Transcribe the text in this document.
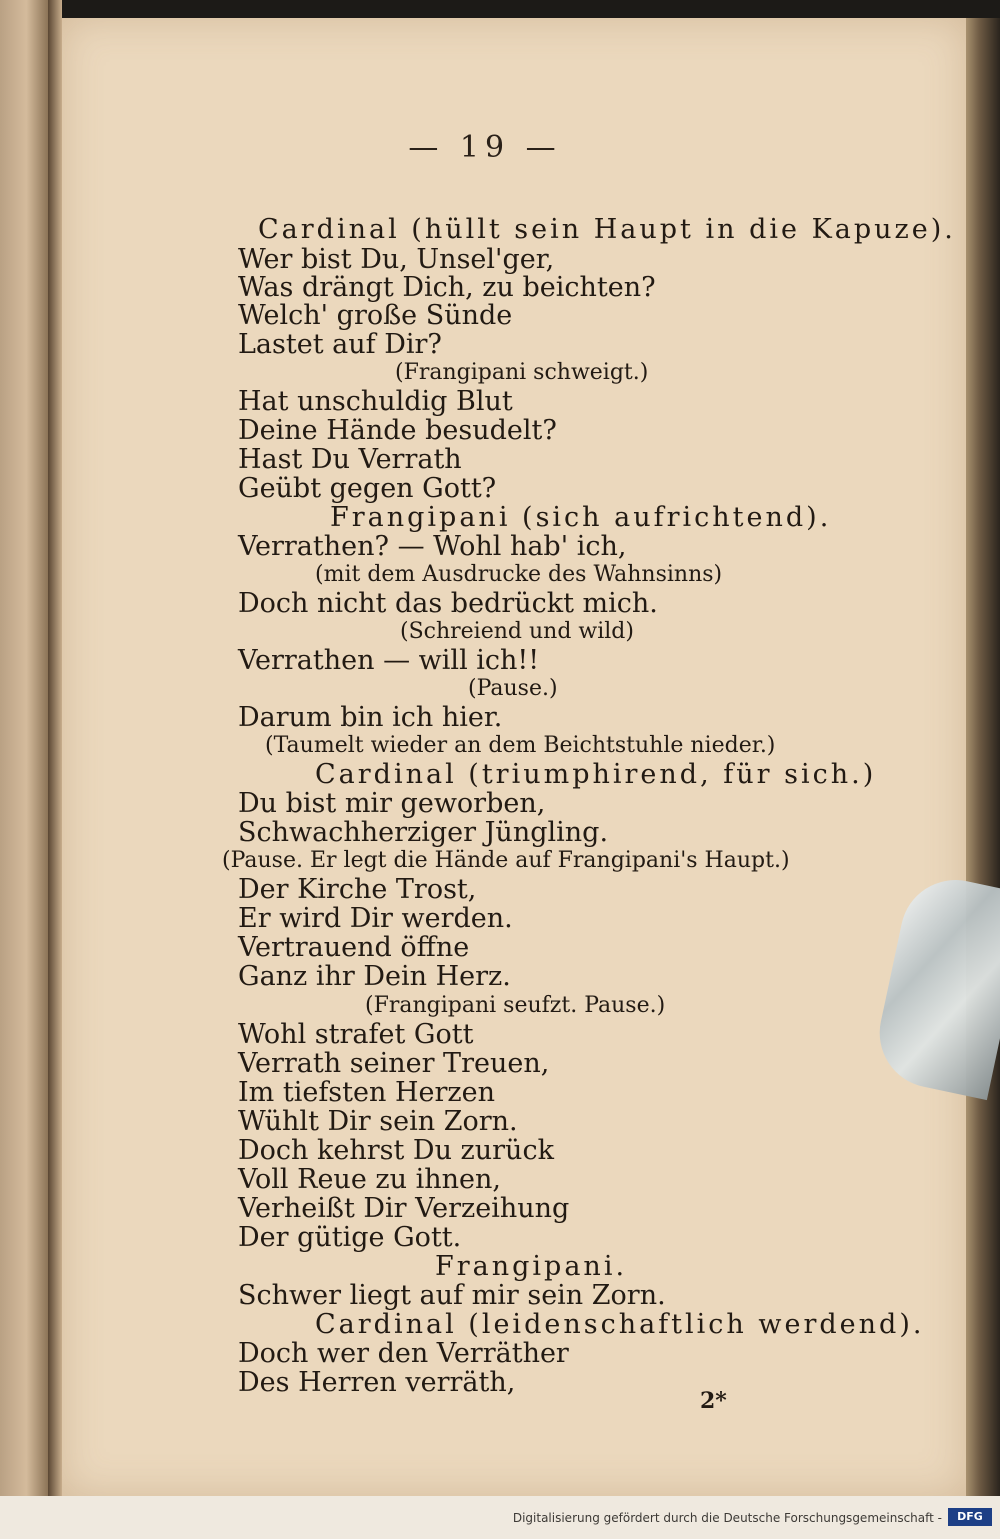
— 19 —
Cardinal (hüllt sein Haupt in die Kapuze).
Wer bist Du, Unsel'ger,
Was drängt Dich, zu beichten?
Welch' große Sünde
Lastet auf Dir?
(Frangipani schweigt.)
Hat unschuldig Blut
Deine Hände besudelt?
Hast Du Verrath
Geübt gegen Gott?
Frangipani (sich aufrichtend).
Verrathen? — Wohl hab' ich,
(mit dem Ausdrucke des Wahnsinns)
Doch nicht das bedrückt mich.
(Schreiend und wild)
Verrathen — will ich!!
(Pause.)
Darum bin ich hier.
(Taumelt wieder an dem Beichtstuhle nieder.)
Cardinal (triumphirend, für sich.)
Du bist mir geworben,
Schwachherziger Jüngling.
(Pause. Er legt die Hände auf Frangipani's Haupt.)
Der Kirche Trost,
Er wird Dir werden.
Vertrauend öffne
Ganz ihr Dein Herz.
(Frangipani seufzt. Pause.)
Wohl strafet Gott
Verrath seiner Treuen,
Im tiefsten Herzen
Wühlt Dir sein Zorn.
Doch kehrst Du zurück
Voll Reue zu ihnen,
Verheißt Dir Verzeihung
Der gütige Gott.
Frangipani.
Schwer liegt auf mir sein Zorn.
Cardinal (leidenschaftlich werdend).
Doch wer den Verräther
Des Herren verräth,
2*
Digitalisierung gefördert durch die Deutsche Forschungsgemeinschaft -	DFG
